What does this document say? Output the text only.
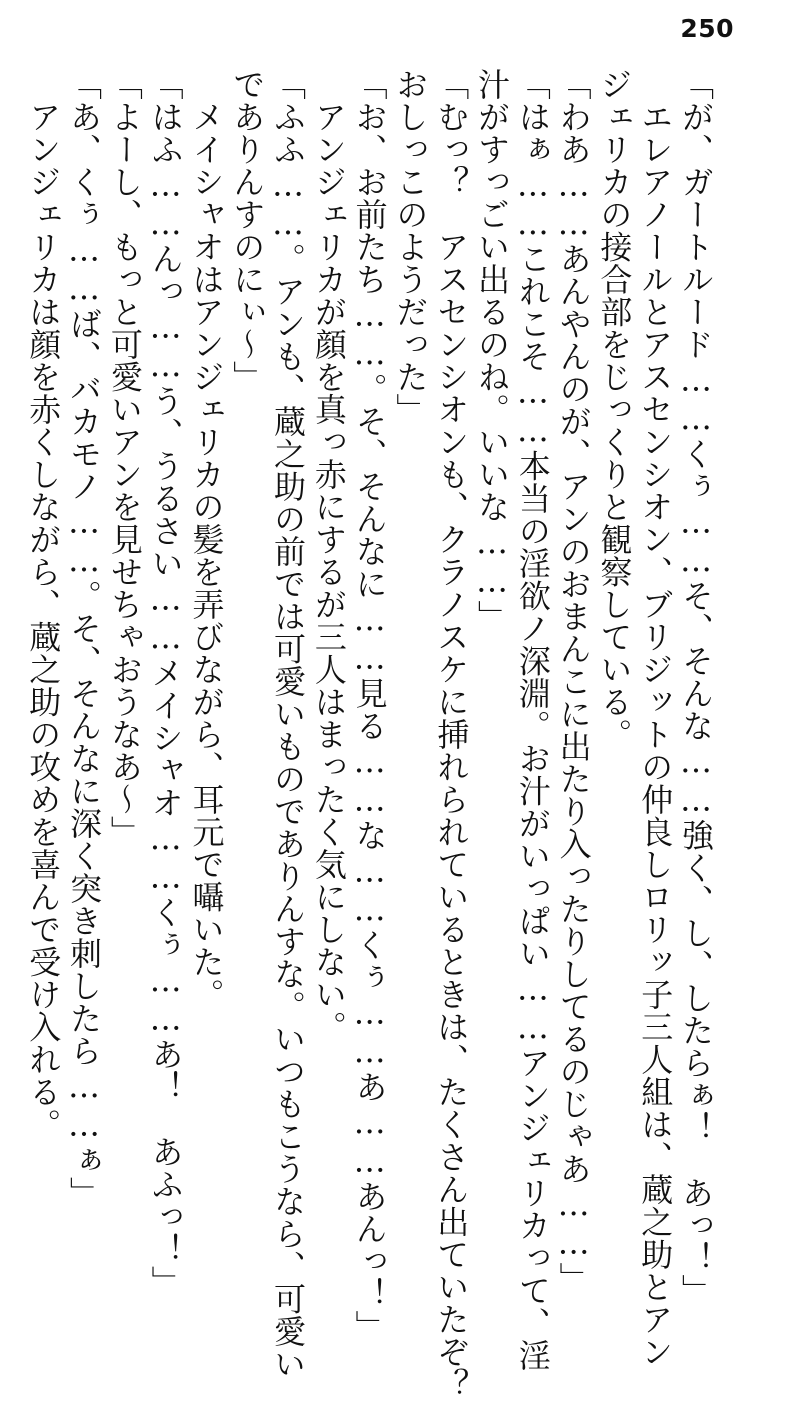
250

「が、ガートルード……くぅ……そ、そんな……強く、し、したらぁ！　あっ！」

　エレアノールとアスセンシオン、ブリジットの仲良しロリッ子三人組は、蔵之助とアン

ジェリカの接合部をじっくりと観察している。

「わあ……あんやんのが、アンのおまんこに出たり入ったりしてるのじゃあ……」

「はぁ……これこそ……本当の淫欲ノ深淵。お汁がいっぱい……アンジェリカって、淫

汁がすっごい出るのね。いいな……」

「むっ？　アスセンシオンも、クラノスケに挿れられているときは、たくさん出ていたぞ？

おしっこのようだった」

「お、お前たち……。そ、そんなに……見る……な……くぅ……あ……あんっ！」

　アンジェリカが顔を真っ赤にするが三人はまったく気にしない。

「ふふ……。アンも、蔵之助の前では可愛いものでありんすな。いつもこうなら、可愛い

でありんすのにぃ～」

　メイシャオはアンジェリカの髪を弄びながら、耳元で囁いた。

「はふ……んっ……う、うるさい……メイシャオ……くぅ……あ！　あふっ！」

「よーし、もっと可愛いアンを見せちゃおうなあ～」

「あ、くぅ……ば、バカモノ……。そ、そんなに深く突き刺したら……ぁ」

　アンジェリカは顔を赤くしながら、蔵之助の攻めを喜んで受け入れる。
